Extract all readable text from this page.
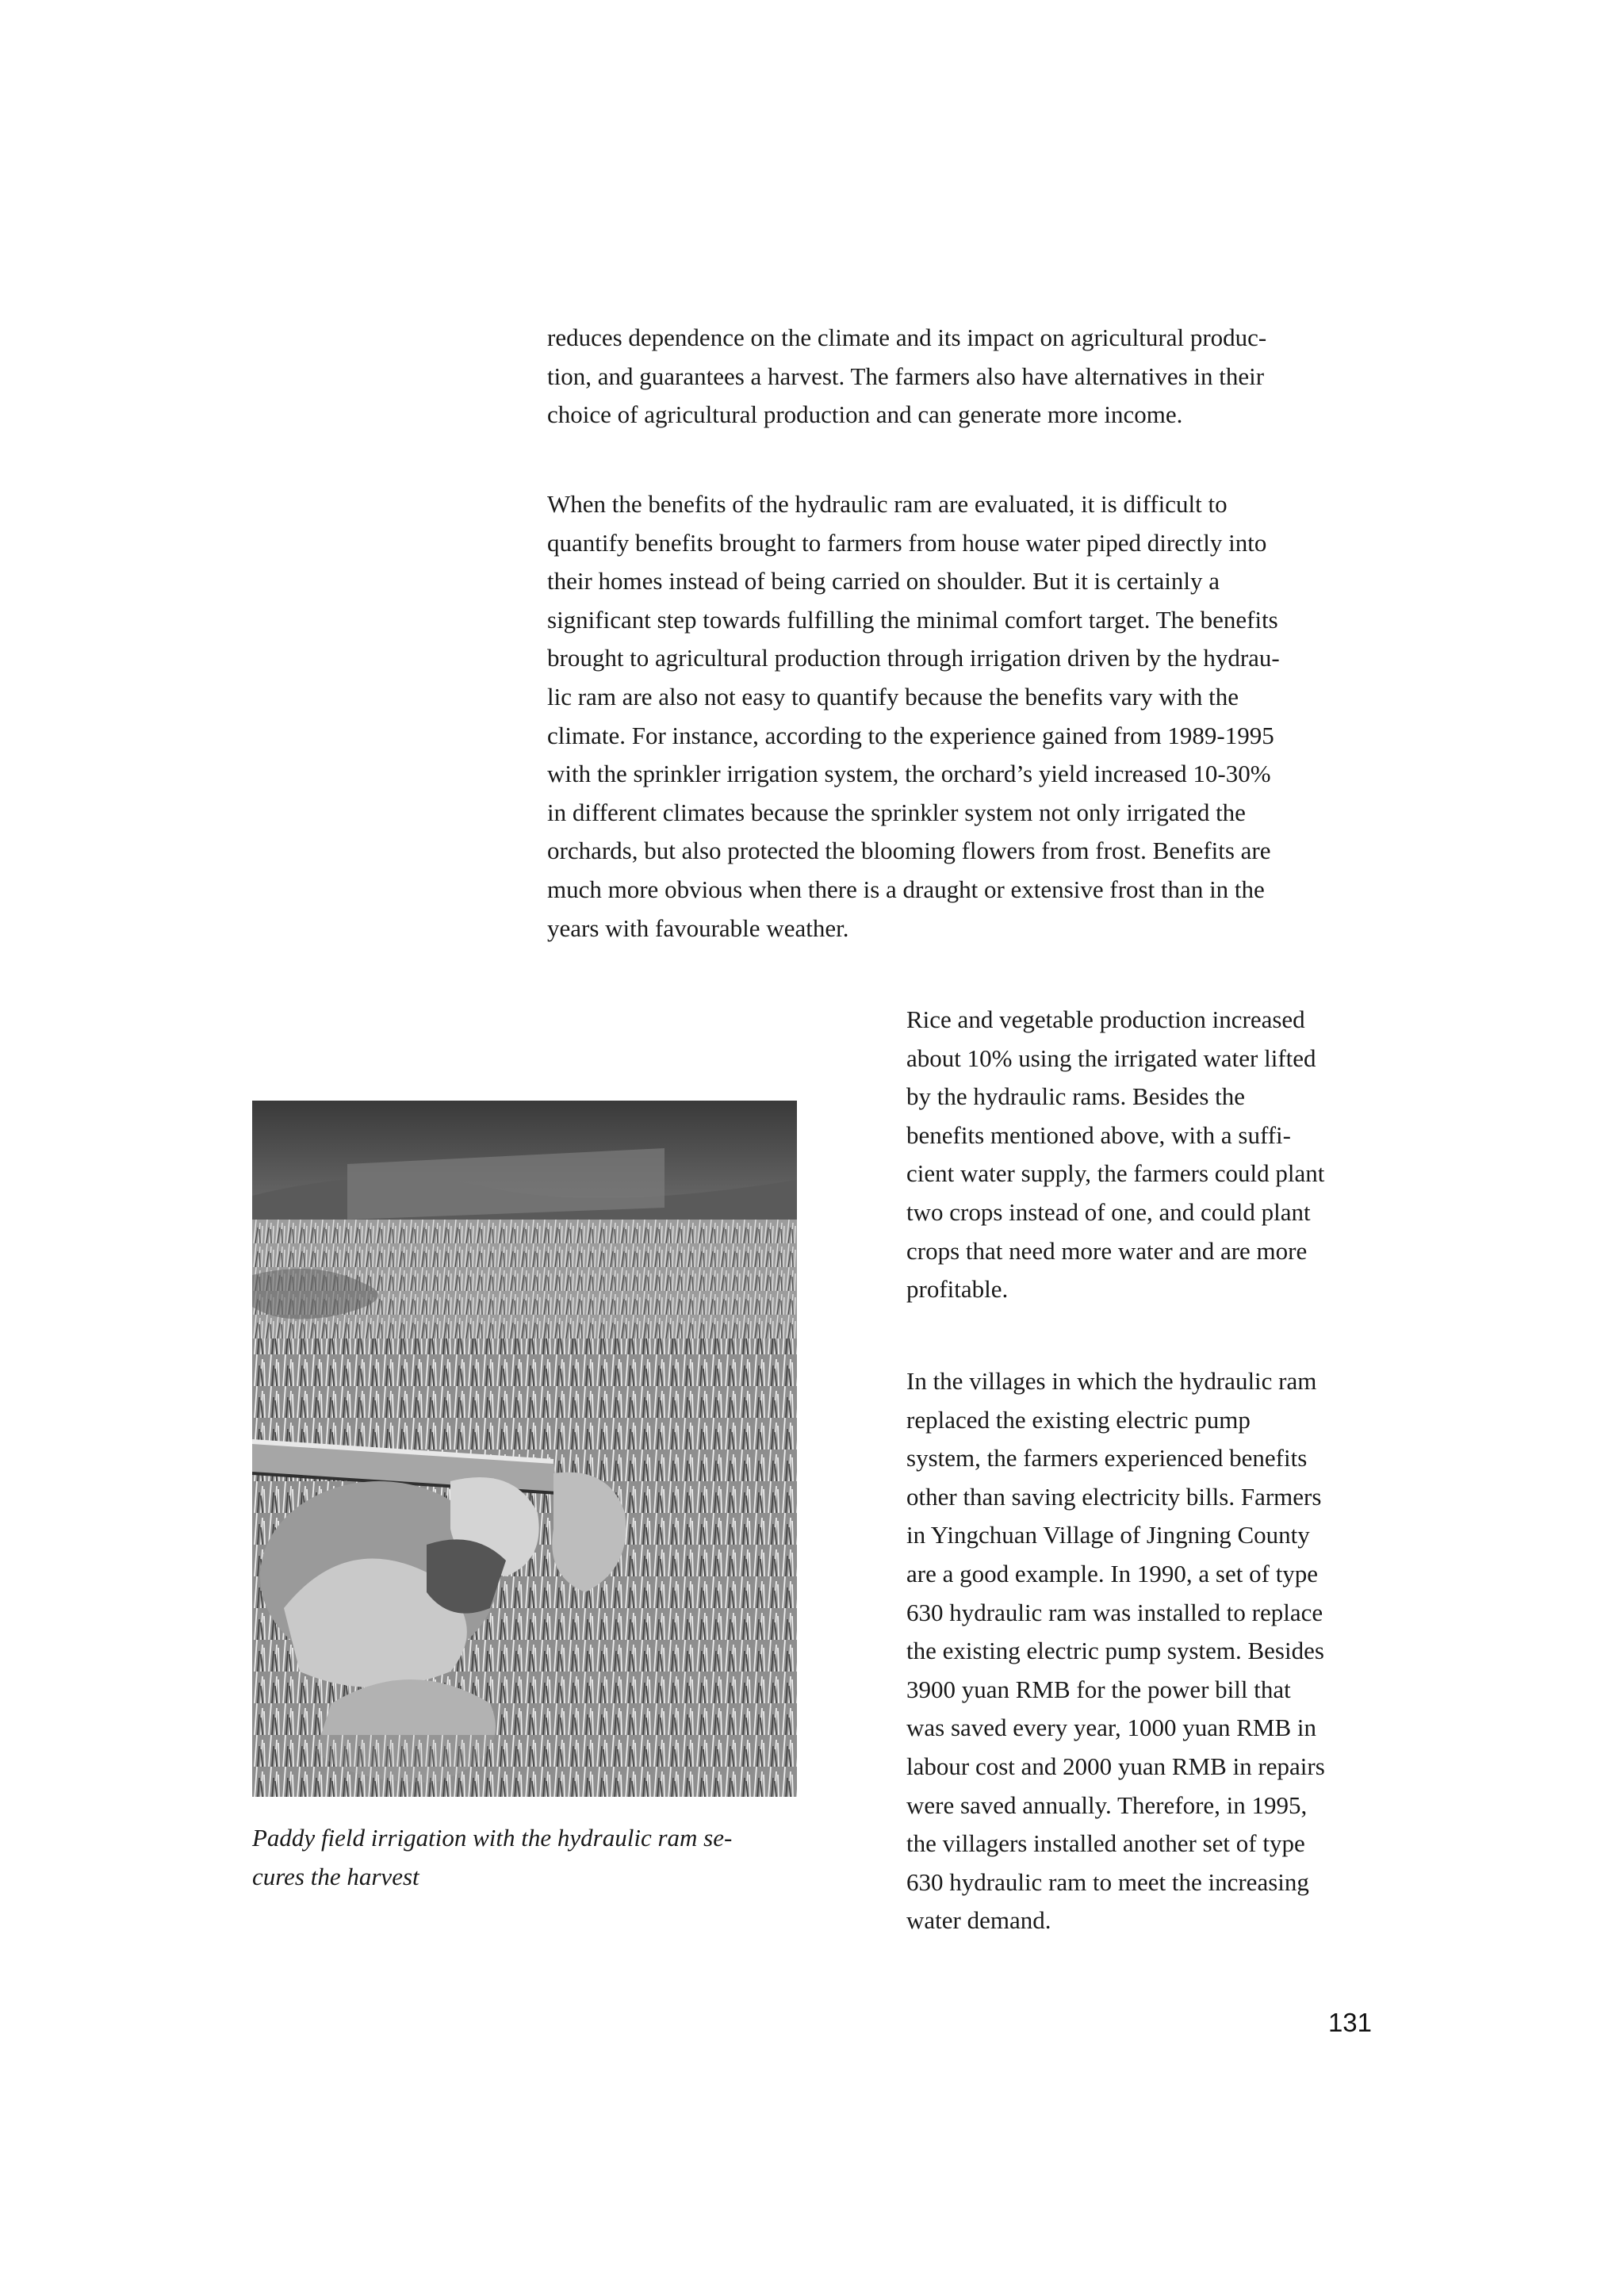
reduces dependence on the climate and its impact on agricultural produc-
tion, and guarantees a harvest. The farmers also have alternatives in their
choice of agricultural production and can generate more income.

When the benefits of the hydraulic ram are evaluated, it is difficult to
quantify benefits brought to farmers from house water piped directly into
their homes instead of being carried on shoulder. But it is certainly a
significant step towards fulfilling the minimal comfort target. The benefits
brought to agricultural production through irrigation driven by the hydrau-
lic ram are also not easy to quantify because the benefits vary with the
climate. For instance, according to the experience gained from 1989-1995
with the sprinkler irrigation system, the orchard’s yield increased 10-30%
in different climates because the sprinkler system not only irrigated the
orchards, but also protected the blooming flowers from frost. Benefits are
much more obvious when there is a draught or extensive frost than in the
years with favourable weather.

Paddy field irrigation with the hydraulic ram se-
cures the harvest

Rice and vegetable production increased
about 10% using the irrigated water lifted
by the hydraulic rams. Besides the
benefits mentioned above, with a suffi-
cient water supply, the farmers could plant
two crops instead of one, and could plant
crops that need more water and are more
profitable.

In the villages in which the hydraulic ram
replaced the existing electric pump
system, the farmers experienced benefits
other than saving electricity bills. Farmers
in Yingchuan Village of Jingning County
are a good example. In 1990, a set of type
630 hydraulic ram was installed to replace
the existing electric pump system. Besides
3900 yuan RMB for the power bill that
was saved every year, 1000 yuan RMB in
labour cost and 2000 yuan RMB in repairs
were saved annually. Therefore, in 1995,
the villagers installed another set of type
630 hydraulic ram to meet the increasing
water demand.

131
